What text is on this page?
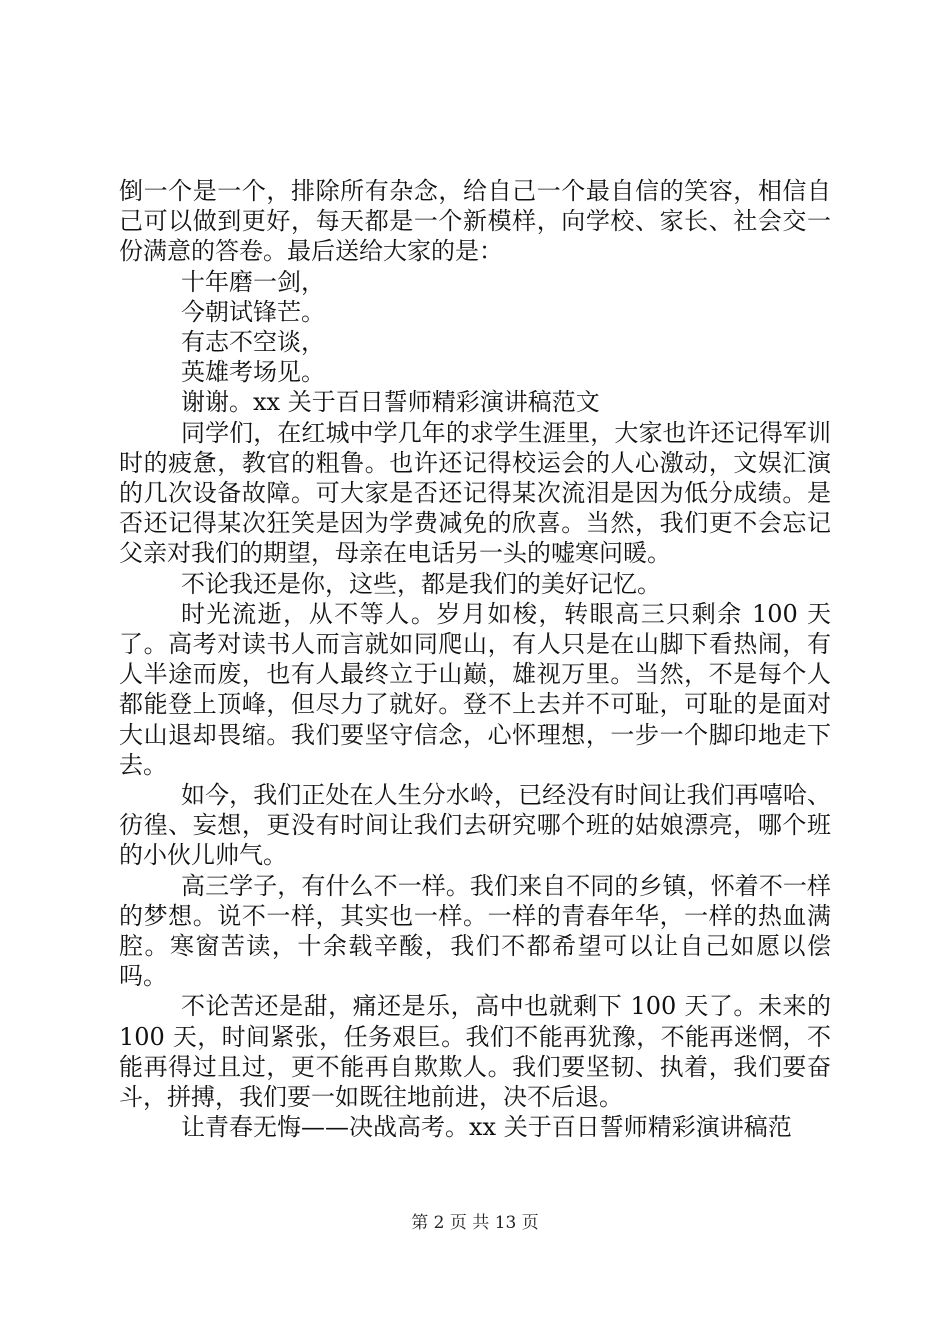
倒一个是一个，排除所有杂念，给自己一个最自信的笑容，相信自己可以做到更好，每天都是一个新模样，向学校、家长、社会交一份满意的答卷。最后送给大家的是：

十年磨一剑，

今朝试锋芒。

有志不空谈，

英雄考场见。

谢谢。xx 关于百日誓师精彩演讲稿范文

同学们，在红城中学几年的求学生涯里，大家也许还记得军训时的疲惫，教官的粗鲁。也许还记得校运会的人心激动，文娱汇演的几次设备故障。可大家是否还记得某次流泪是因为低分成绩。是否还记得某次狂笑是因为学费减免的欣喜。当然，我们更不会忘记父亲对我们的期望，母亲在电话另一头的嘘寒问暖。

不论我还是你，这些，都是我们的美好记忆。

时光流逝，从不等人。岁月如梭，转眼高三只剩余 100 天了。高考对读书人而言就如同爬山，有人只是在山脚下看热闹，有人半途而废，也有人最终立于山巅，雄视万里。当然，不是每个人都能登上顶峰，但尽力了就好。登不上去并不可耻，可耻的是面对大山退却畏缩。我们要坚守信念，心怀理想，一步一个脚印地走下去。

如今，我们正处在人生分水岭，已经没有时间让我们再嘻哈、彷徨、妄想，更没有时间让我们去研究哪个班的姑娘漂亮，哪个班的小伙儿帅气。

高三学子，有什么不一样。我们来自不同的乡镇，怀着不一样的梦想。说不一样，其实也一样。一样的青春年华，一样的热血满腔。寒窗苦读，十余载辛酸，我们不都希望可以让自己如愿以偿吗。

不论苦还是甜，痛还是乐，高中也就剩下 100 天了。未来的 100 天，时间紧张，任务艰巨。我们不能再犹豫，不能再迷惘，不能再得过且过，更不能再自欺欺人。我们要坚韧、执着，我们要奋斗，拼搏，我们要一如既往地前进，决不后退。

让青春无悔——决战高考。xx 关于百日誓师精彩演讲稿范

第 2 页 共 13 页
